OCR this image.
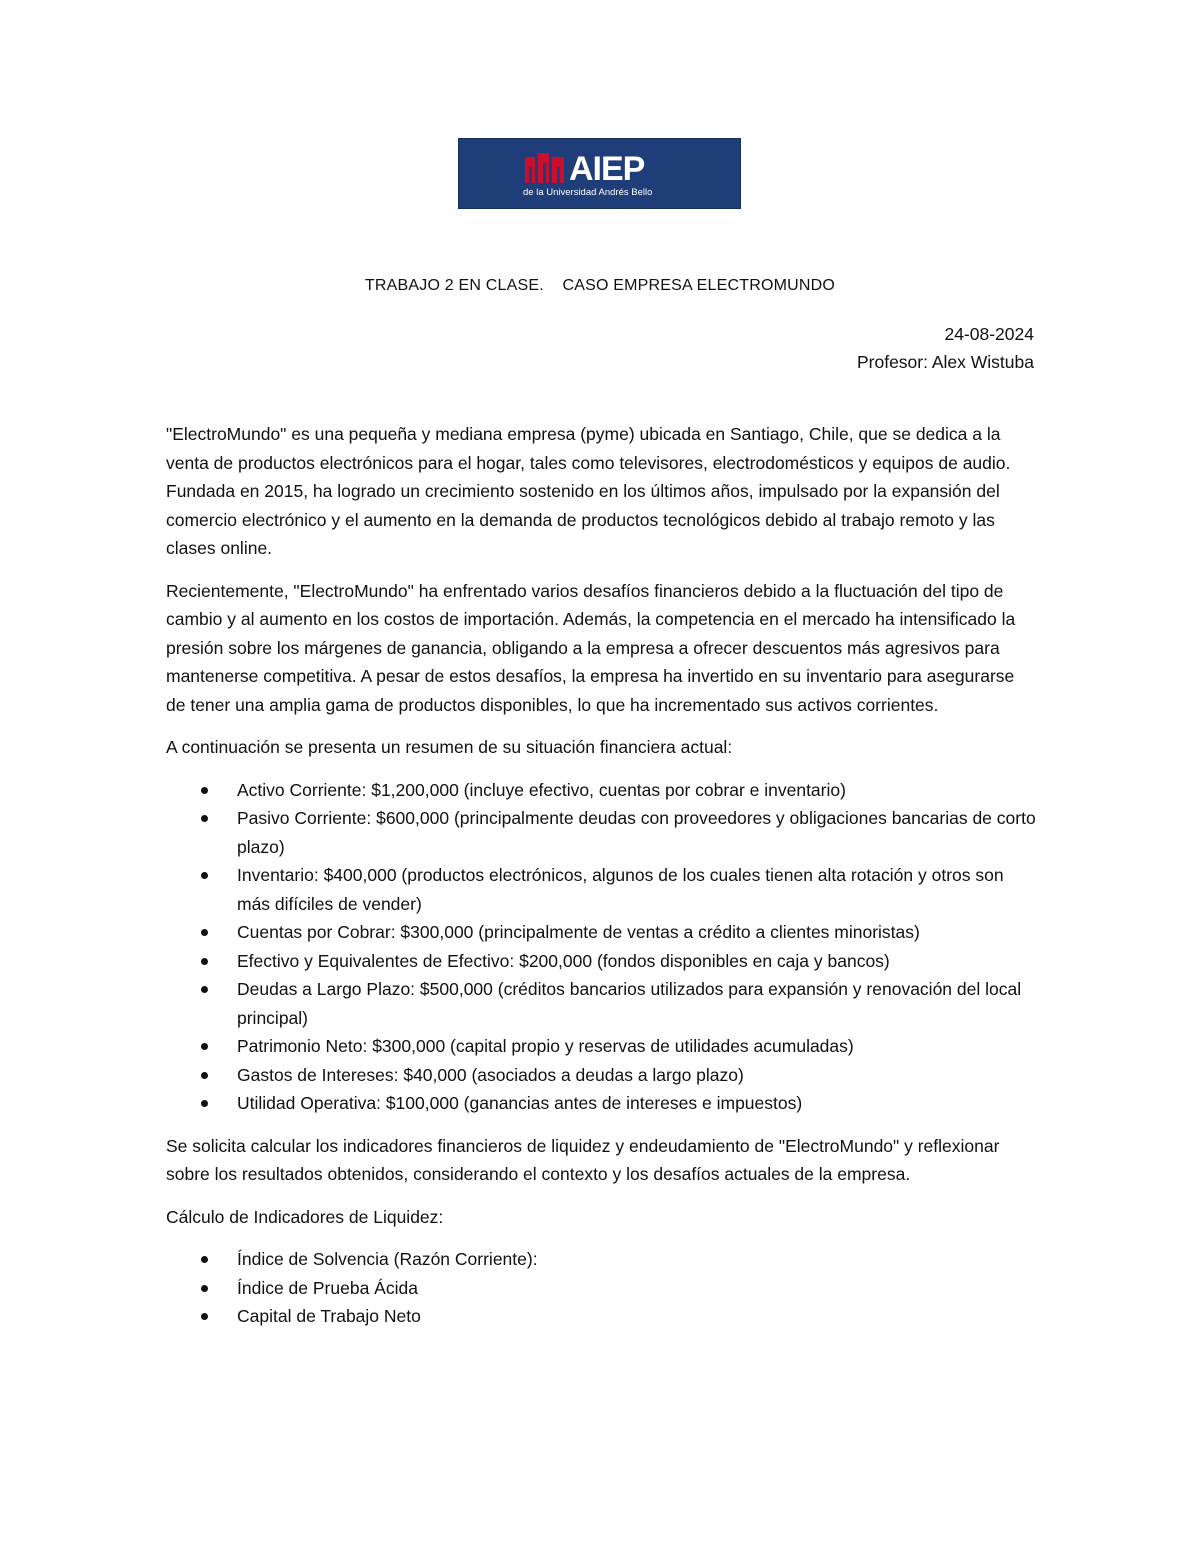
AIEP
de la Universidad Andrés Bello
TRABAJO 2 EN CLASE.    CASO EMPRESA ELECTROMUNDO
24-08-2024
Profesor: Alex Wistuba

"ElectroMundo" es una pequeña y mediana empresa (pyme) ubicada en Santiago, Chile, que se dedica a la venta de productos electrónicos para el hogar, tales como televisores, electrodomésticos y equipos de audio. Fundada en 2015, ha logrado un crecimiento sostenido en los últimos años, impulsado por la expansión del comercio electrónico y el aumento en la demanda de productos tecnológicos debido al trabajo remoto y las clases online.

Recientemente, "ElectroMundo" ha enfrentado varios desafíos financieros debido a la fluctuación del tipo de cambio y al aumento en los costos de importación. Además, la competencia en el mercado ha intensificado la presión sobre los márgenes de ganancia, obligando a la empresa a ofrecer descuentos más agresivos para mantenerse competitiva. A pesar de estos desafíos, la empresa ha invertido en su inventario para asegurarse de tener una amplia gama de productos disponibles, lo que ha incrementado sus activos corrientes.

A continuación se presenta un resumen de su situación financiera actual:

Activo Corriente: $1,200,000 (incluye efectivo, cuentas por cobrar e inventario)
Pasivo Corriente: $600,000 (principalmente deudas con proveedores y obligaciones bancarias de corto plazo)
Inventario: $400,000 (productos electrónicos, algunos de los cuales tienen alta rotación y otros son más difíciles de vender)
Cuentas por Cobrar: $300,000 (principalmente de ventas a crédito a clientes minoristas)
Efectivo y Equivalentes de Efectivo: $200,000 (fondos disponibles en caja y bancos)
Deudas a Largo Plazo: $500,000 (créditos bancarios utilizados para expansión y renovación del local principal)
Patrimonio Neto: $300,000 (capital propio y reservas de utilidades acumuladas)
Gastos de Intereses: $40,000 (asociados a deudas a largo plazo)
Utilidad Operativa: $100,000 (ganancias antes de intereses e impuestos)

Se solicita calcular los indicadores financieros de liquidez y endeudamiento de "ElectroMundo" y reflexionar sobre los resultados obtenidos, considerando el contexto y los desafíos actuales de la empresa.

Cálculo de Indicadores de Liquidez:

Índice de Solvencia (Razón Corriente):
Índice de Prueba Ácida
Capital de Trabajo Neto
